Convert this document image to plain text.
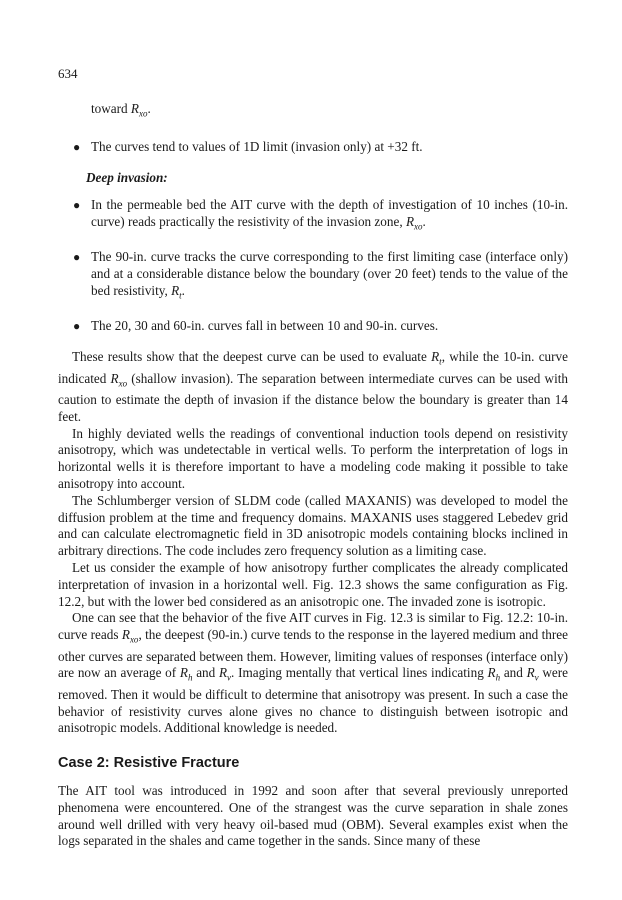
634
toward $R_{xo}$.
● The curves tend to values of 1D limit (invasion only) at +32 ft.
Deep invasion:
● In the permeable bed the AIT curve with the depth of investigation of 10 inches (10-in. curve) reads practically the resistivity of the invasion zone, $R_{xo}$.
● The 90-in. curve tracks the curve corresponding to the first limiting case (interface only) and at a considerable distance below the boundary (over 20 feet) tends to the value of the bed resistivity, $R_t$.
● The 20, 30 and 60-in. curves fall in between 10 and 90-in. curves.

These results show that the deepest curve can be used to evaluate $R_t$, while the 10-in. curve indicated $R_{xo}$ (shallow invasion). The separation between intermediate curves can be used with caution to estimate the depth of invasion if the distance below the boundary is greater than 14 feet.

In highly deviated wells the readings of conventional induction tools depend on resistivity anisotropy, which was undetectable in vertical wells. To perform the interpretation of logs in horizontal wells it is therefore important to have a modeling code making it possible to take anisotropy into account.

The Schlumberger version of SLDM code (called MAXANIS) was developed to model the diffusion problem at the time and frequency domains. MAXANIS uses staggered Lebedev grid and can calculate electromagnetic field in 3D anisotropic models containing blocks inclined in arbitrary directions. The code includes zero frequency solution as a limiting case.

Let us consider the example of how anisotropy further complicates the already complicated interpretation of invasion in a horizontal well. Fig. 12.3 shows the same configuration as Fig. 12.2, but with the lower bed considered as an anisotropic one. The invaded zone is isotropic.

One can see that the behavior of the five AIT curves in Fig. 12.3 is similar to Fig. 12.2: 10-in. curve reads $R_{xo}$, the deepest (90-in.) curve tends to the response in the layered medium and three other curves are separated between them. However, limiting values of responses (interface only) are now an average of $R_h$ and $R_v$. Imaging mentally that vertical lines indicating $R_h$ and $R_v$ were removed. Then it would be difficult to determine that anisotropy was present. In such a case the behavior of resistivity curves alone gives no chance to distinguish between isotropic and anisotropic models. Additional knowledge is needed.

Case 2: Resistive Fracture

The AIT tool was introduced in 1992 and soon after that several previously unreported phenomena were encountered. One of the strangest was the curve separation in shale zones around well drilled with very heavy oil-based mud (OBM). Several examples exist when the logs separated in the shales and came together in the sands. Since many of these
